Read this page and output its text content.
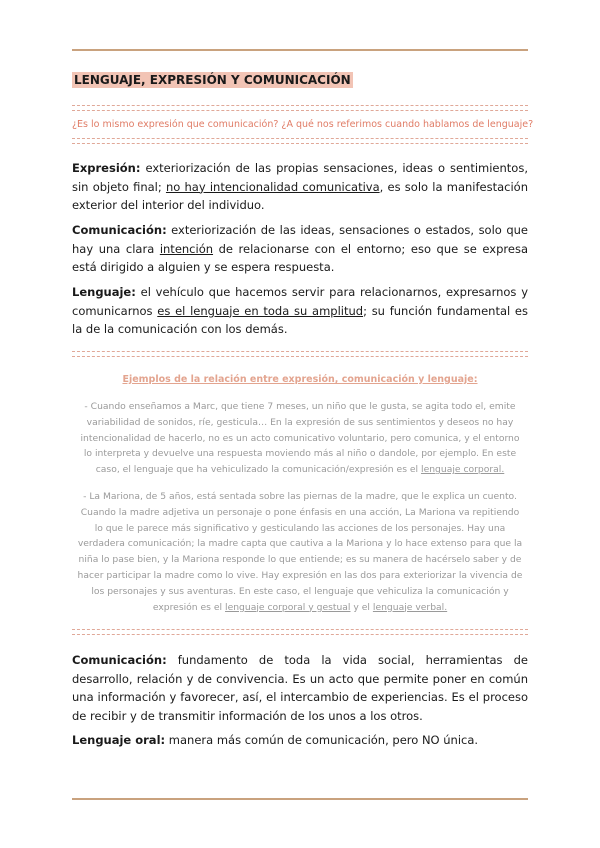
LENGUAJE, EXPRESIÓN Y COMUNICACIÓN
¿Es lo mismo expresión que comunicación? ¿A qué nos referimos cuando hablamos de lenguaje?
Expresión: exteriorización de las propias sensaciones, ideas o sentimientos, sin objeto final; no hay intencionalidad comunicativa, es solo la manifestación exterior del interior del individuo.
Comunicación: exteriorización de las ideas, sensaciones o estados, solo que hay una clara intención de relacionarse con el entorno; eso que se expresa está dirigido a alguien y se espera respuesta.
Lenguaje: el vehículo que hacemos servir para relacionarnos, expresarnos y comunicarnos es el lenguaje en toda su amplitud; su función fundamental es la de la comunicación con los demás.
Ejemplos de la relación entre expresión, comunicación y lenguaje:
- Cuando enseñamos a Marc, que tiene 7 meses, un niño que le gusta, se agita todo el, emite variabilidad de sonidos, ríe, gesticula… En la expresión de sus sentimientos y deseos no hay intencionalidad de hacerlo, no es un acto comunicativo voluntario, pero comunica, y el entorno lo interpreta y devuelve una respuesta moviendo más al niño o dandole, por ejemplo. En este caso, el lenguaje que ha vehiculizado la comunicación/expresión es el lenguaje corporal.
- La Mariona, de 5 años, está sentada sobre las piernas de la madre, que le explica un cuento. Cuando la madre adjetiva un personaje o pone énfasis en una acción, La Mariona va repitiendo lo que le parece más significativo y gesticulando las acciones de los personajes. Hay una verdadera comunicación; la madre capta que cautiva a la Mariona y lo hace extenso para que la niña lo pase bien, y la Mariona responde lo que entiende; es su manera de hacérselo saber y de hacer participar la madre como lo vive. Hay expresión en las dos para exteriorizar la vivencia de los personajes y sus aventuras. En este caso, el lenguaje que vehiculiza la comunicación y expresión es el lenguaje corporal y gestual y el lenguaje verbal.
Comunicación: fundamento de toda la vida social, herramientas de desarrollo, relación y de convivencia. Es un acto que permite poner en común una información y favorecer, así, el intercambio de experiencias. Es el proceso de recibir y de transmitir información de los unos a los otros.
Lenguaje oral: manera más común de comunicación, pero NO única.
